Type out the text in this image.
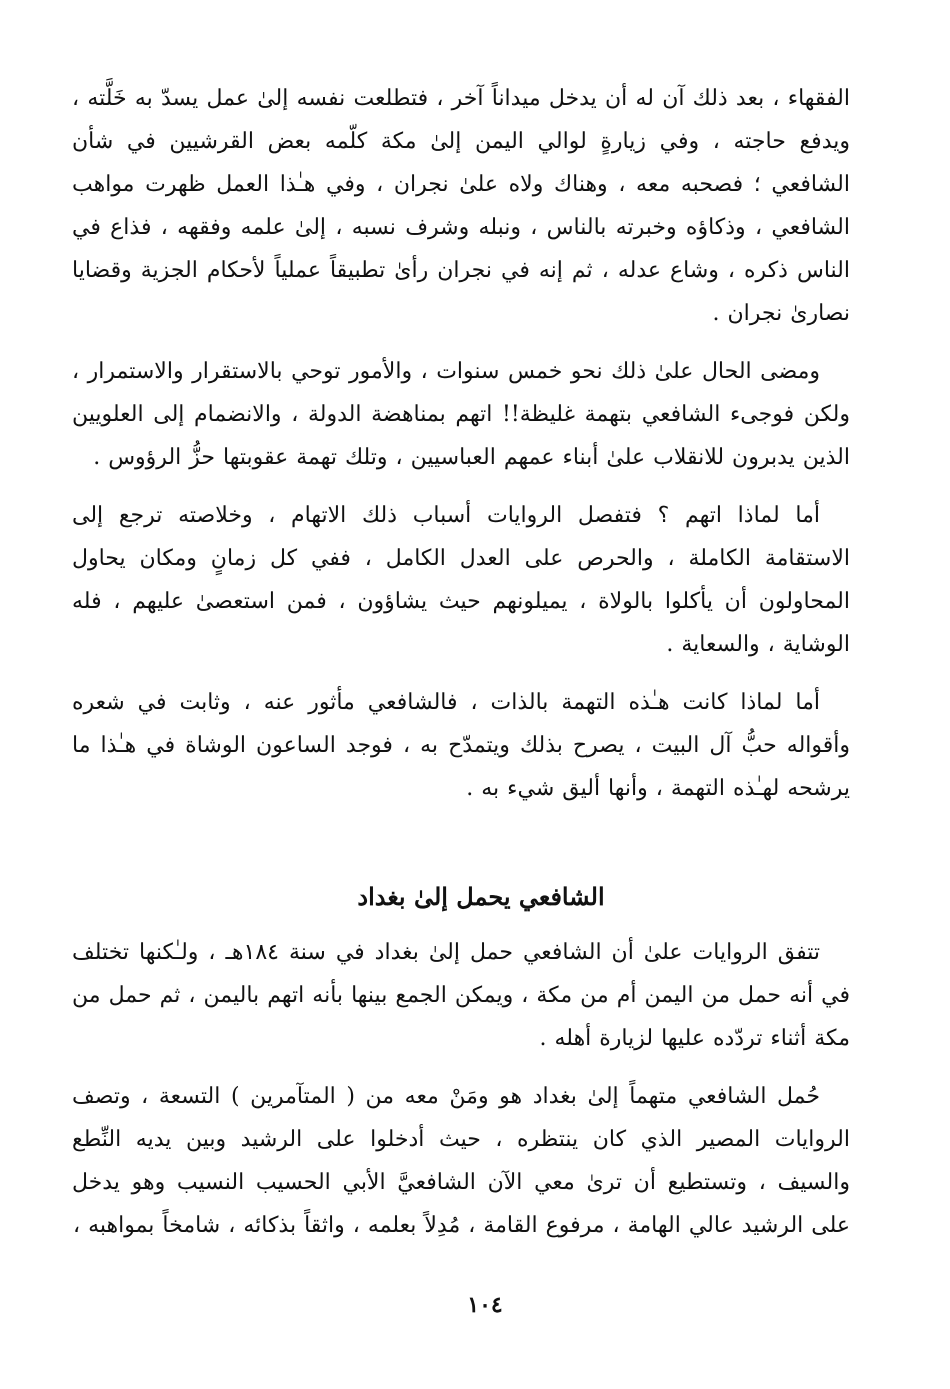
الفقهاء ، بعد ذلك آن له أن يدخل ميداناً آخر ، فتطلعت نفسه إلىٰ عمل يسدّ به خَلَّته ، ويدفع حاجته ، وفي زيارةٍ لوالي اليمن إلىٰ مكة كلّمه بعض القرشيين في شأن الشافعي ؛ فصحبه معه ، وهناك ولاه علىٰ نجران ، وفي هـٰذا العمل ظهرت مواهب الشافعي ، وذكاؤه وخبرته بالناس ، ونبله وشرف نسبه ، إلىٰ علمه وفقهه ، فذاع في الناس ذكره ، وشاع عدله ، ثم إنه في نجران رأىٰ تطبيقاً عملياً لأحكام الجزية وقضايا نصارىٰ نجران .

ومضى الحال علىٰ ذلك نحو خمس سنوات ، والأمور توحي بالاستقرار والاستمرار ، ولكن فوجىء الشافعي بتهمة غليظة!! اتهم بمناهضة الدولة ، والانضمام إلى العلويين الذين يدبرون للانقلاب علىٰ أبناء عمهم العباسيين ، وتلك تهمة عقوبتها حزُّ الرؤوس .

أما لماذا اتهم ؟ فتفصل الروايات أسباب ذلك الاتهام ، وخلاصته ترجع إلى الاستقامة الكاملة ، والحرص على العدل الكامل ، ففي كل زمانٍ ومكان يحاول المحاولون أن يأكلوا بالولاة ، يميلونهم حيث يشاؤون ، فمن استعصىٰ عليهم ، فله الوشاية ، والسعاية .

أما لماذا كانت هـٰذه التهمة بالذات ، فالشافعي مأثور عنه ، وثابت في شعره وأقواله حبُّ آل البيت ، يصرح بذلك ويتمدّح به ، فوجد الساعون الوشاة في هـٰذا ما يرشحه لهـٰذه التهمة ، وأنها أليق شيء به .

الشافعي يحمل إلىٰ بغداد

تتفق الروايات علىٰ أن الشافعي حمل إلىٰ بغداد في سنة ١٨٤هـ ، ولـٰكنها تختلف في أنه حمل من اليمن أم من مكة ، ويمكن الجمع بينها بأنه اتهم باليمن ، ثم حمل من مكة أثناء تردّده عليها لزيارة أهله .

حُمل الشافعي متهماً إلىٰ بغداد هو ومَنْ معه من ( المتآمرين ) التسعة ، وتصف الروايات المصير الذي كان ينتظره ، حيث أدخلوا على الرشيد وبين يديه النِّطع والسيف ، وتستطيع أن ترىٰ معي الآن الشافعيَّ الأبي الحسيب النسيب وهو يدخل على الرشيد عالي الهامة ، مرفوع القامة ، مُدِلاً بعلمه ، واثقاً بذكائه ، شامخاً بمواهبه ،

١٠٤
